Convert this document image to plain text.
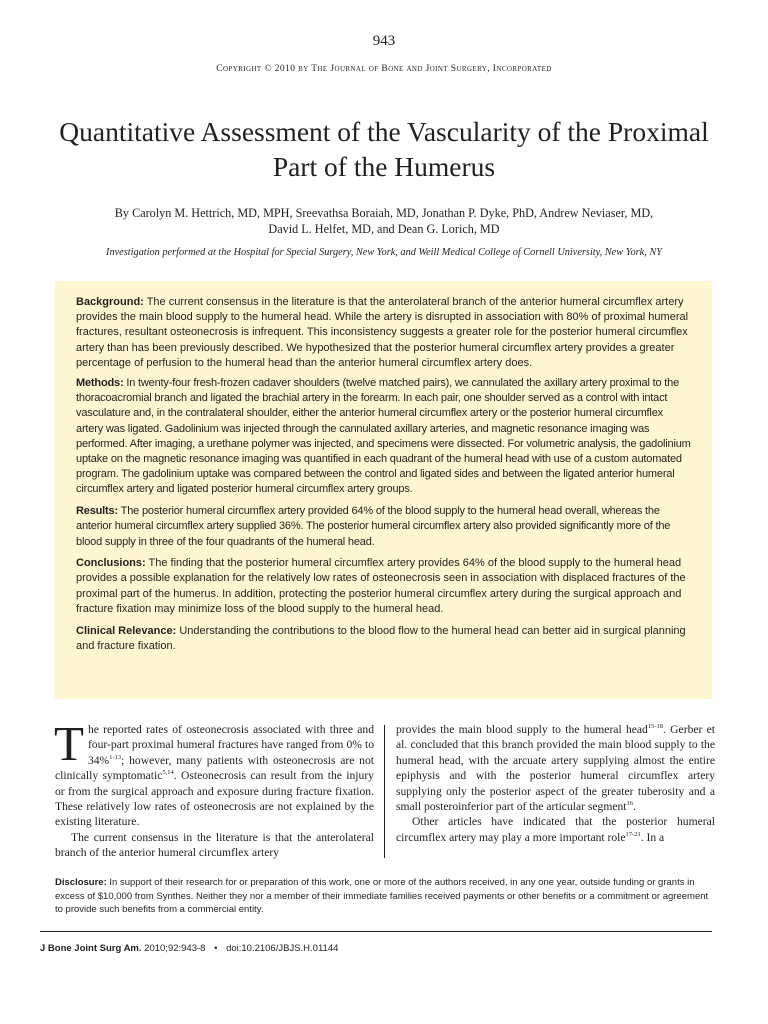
943
Copyright © 2010 by The Journal of Bone and Joint Surgery, Incorporated
Quantitative Assessment of the Vascularity of the Proximal Part of the Humerus
By Carolyn M. Hettrich, MD, MPH, Sreevathsa Boraiah, MD, Jonathan P. Dyke, PhD, Andrew Neviaser, MD,
David L. Helfet, MD, and Dean G. Lorich, MD
Investigation performed at the Hospital for Special Surgery, New York, and Weill Medical College of Cornell University, New York, NY

Background: The current consensus in the literature is that the anterolateral branch of the anterior humeral circumflex artery provides the main blood supply to the humeral head. While the artery is disrupted in association with 80% of proximal humeral fractures, resultant osteonecrosis is infrequent. This inconsistency suggests a greater role for the posterior humeral circumflex artery than has been previously described. We hypothesized that the posterior humeral circumflex artery provides a greater percentage of perfusion to the humeral head than the anterior humeral circumflex artery does.

Methods: In twenty-four fresh-frozen cadaver shoulders (twelve matched pairs), we cannulated the axillary artery proximal to the thoracoacromial branch and ligated the brachial artery in the forearm. In each pair, one shoulder served as a control with intact vasculature and, in the contralateral shoulder, either the anterior humeral circumflex artery or the posterior humeral circumflex artery was ligated. Gadolinium was injected through the cannulated axillary arteries, and magnetic resonance imaging was performed. After imaging, a urethane polymer was injected, and specimens were dissected. For volumetric analysis, the gadolinium uptake on the magnetic resonance imaging was quantified in each quadrant of the humeral head with use of a custom automated program. The gadolinium uptake was compared between the control and ligated sides and between the ligated anterior humeral circumflex artery and ligated posterior humeral circumflex artery groups.

Results: The posterior humeral circumflex artery provided 64% of the blood supply to the humeral head overall, whereas the anterior humeral circumflex artery supplied 36%. The posterior humeral circumflex artery also provided significantly more of the blood supply in three of the four quadrants of the humeral head.

Conclusions: The finding that the posterior humeral circumflex artery provides 64% of the blood supply to the humeral head provides a possible explanation for the relatively low rates of osteonecrosis seen in association with displaced fractures of the proximal part of the humerus. In addition, protecting the posterior humeral circumflex artery during the surgical approach and fracture fixation may minimize loss of the blood supply to the humeral head.

Clinical Relevance: Understanding the contributions to the blood flow to the humeral head can better aid in surgical planning and fracture fixation.

The reported rates of osteonecrosis associated with three and four-part proximal humeral fractures have ranged from 0% to 34%$^{1-13}$; however, many patients with osteonecrosis are not clinically symptomatic$^{5,14}$. Osteonecrosis can result from the injury or from the surgical approach and exposure during fracture fixation. These relatively low rates of osteonecrosis are not explained by the existing literature.

The current consensus in the literature is that the anterolateral branch of the anterior humeral circumflex artery

provides the main blood supply to the humeral head$^{15-18}$. Gerber et al. concluded that this branch provided the main blood supply to the humeral head, with the arcuate artery supplying almost the entire epiphysis and with the posterior humeral circumflex artery supplying only the posterior aspect of the greater tuberosity and a small posteroinferior part of the articular segment$^{16}$.

Other articles have indicated that the posterior humeral circumflex artery may play a more important role$^{17-21}$. In a

Disclosure: In support of their research for or preparation of this work, one or more of the authors received, in any one year, outside funding or grants in excess of $10,000 from Synthes. Neither they nor a member of their immediate families received payments or other benefits or a commitment or agreement to provide such benefits from a commercial entity.
J Bone Joint Surg Am. 2010;92:943-8 • doi:10.2106/JBJS.H.01144
